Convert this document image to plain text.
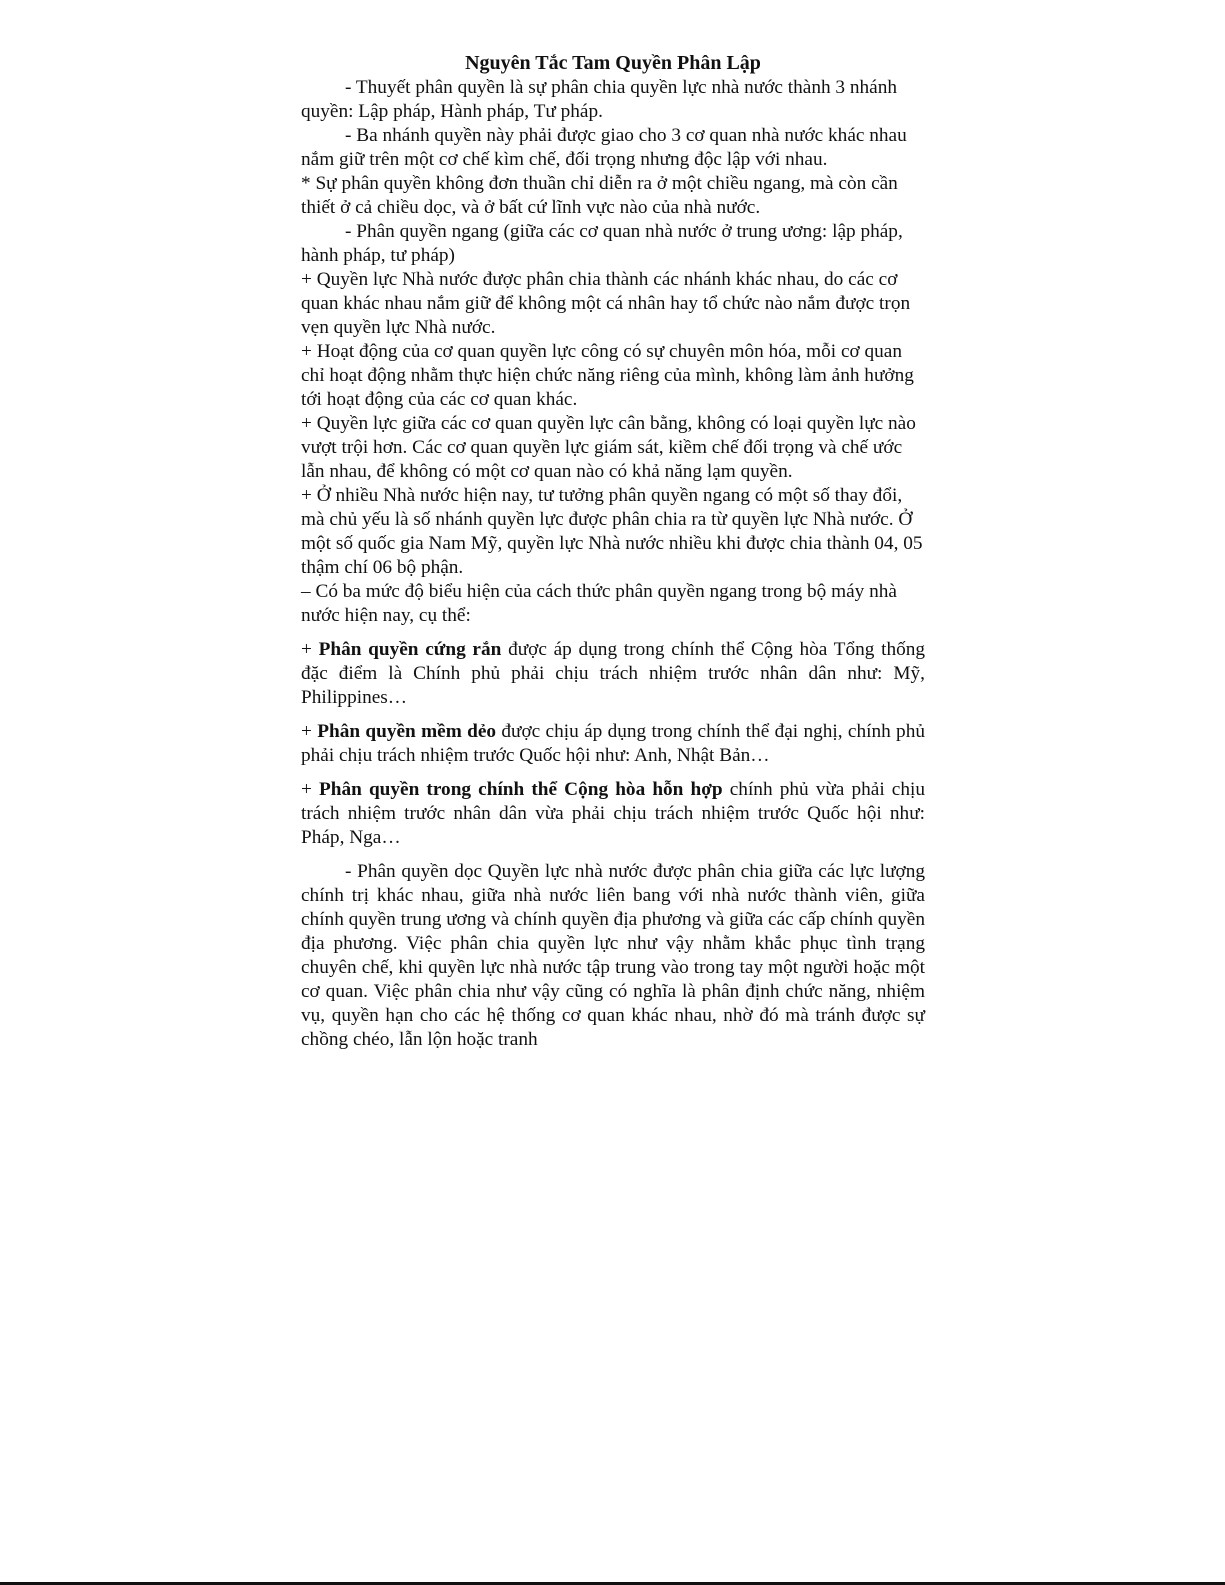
Nguyên Tắc Tam Quyền Phân Lập

- Thuyết phân quyền là sự phân chia quyền lực nhà nước thành 3 nhánh quyền: Lập pháp, Hành pháp, Tư pháp.

- Ba nhánh quyền này phải được giao cho 3 cơ quan nhà nước khác nhau nắm giữ trên một cơ chế kìm chế, đối trọng nhưng độc lập với nhau.

* Sự phân quyền không đơn thuần chỉ diễn ra ở một chiều ngang, mà còn cần thiết ở cả chiều dọc, và ở bất cứ lĩnh vực nào của nhà nước.

- Phân quyền ngang (giữa các cơ quan nhà nước ở trung ương: lập pháp, hành pháp, tư pháp)

+ Quyền lực Nhà nước được phân chia thành các nhánh khác nhau, do các cơ quan khác nhau nắm giữ để không một cá nhân hay tổ chức nào nắm được trọn vẹn quyền lực Nhà nước.

+ Hoạt động của cơ quan quyền lực công có sự chuyên môn hóa, mỗi cơ quan chỉ hoạt động nhằm thực hiện chức năng riêng của mình, không làm ảnh hưởng tới hoạt động của các cơ quan khác.

+ Quyền lực giữa các cơ quan quyền lực cân bằng, không có loại quyền lực nào vượt trội hơn. Các cơ quan quyền lực giám sát, kiềm chế đối trọng và chế ước lẫn nhau, để không có một cơ quan nào có khả năng lạm quyền.

+ Ở nhiều Nhà nước hiện nay, tư tưởng phân quyền ngang có một số thay đổi, mà chủ yếu là số nhánh quyền lực được phân chia ra từ quyền lực Nhà nước. Ở một số quốc gia Nam Mỹ, quyền lực Nhà nước nhiều khi được chia thành 04, 05 thậm chí 06 bộ phận.

– Có ba mức độ biểu hiện của cách thức phân quyền ngang trong bộ máy nhà nước hiện nay, cụ thể:

+ Phân quyền cứng rắn được áp dụng trong chính thể Cộng hòa Tổng thống đặc điểm là Chính phủ phải chịu trách nhiệm trước nhân dân như: Mỹ, Philippines…

+ Phân quyền mềm dẻo được chịu áp dụng trong chính thể đại nghị, chính phủ phải chịu trách nhiệm trước Quốc hội như: Anh, Nhật Bản…

+ Phân quyền trong chính thể Cộng hòa hỗn hợp chính phủ vừa phải chịu trách nhiệm trước nhân dân vừa phải chịu trách nhiệm trước Quốc hội như: Pháp, Nga…

- Phân quyền dọc Quyền lực nhà nước được phân chia giữa các lực lượng chính trị khác nhau, giữa nhà nước liên bang với nhà nước thành viên, giữa chính quyền trung ương và chính quyền địa phương và giữa các cấp chính quyền địa phương. Việc phân chia quyền lực như vậy nhằm khắc phục tình trạng chuyên chế, khi quyền lực nhà nước tập trung vào trong tay một người hoặc một cơ quan. Việc phân chia như vậy cũng có nghĩa là phân định chức năng, nhiệm vụ, quyền hạn cho các hệ thống cơ quan khác nhau, nhờ đó mà tránh được sự chồng chéo, lẫn lộn hoặc tranh
